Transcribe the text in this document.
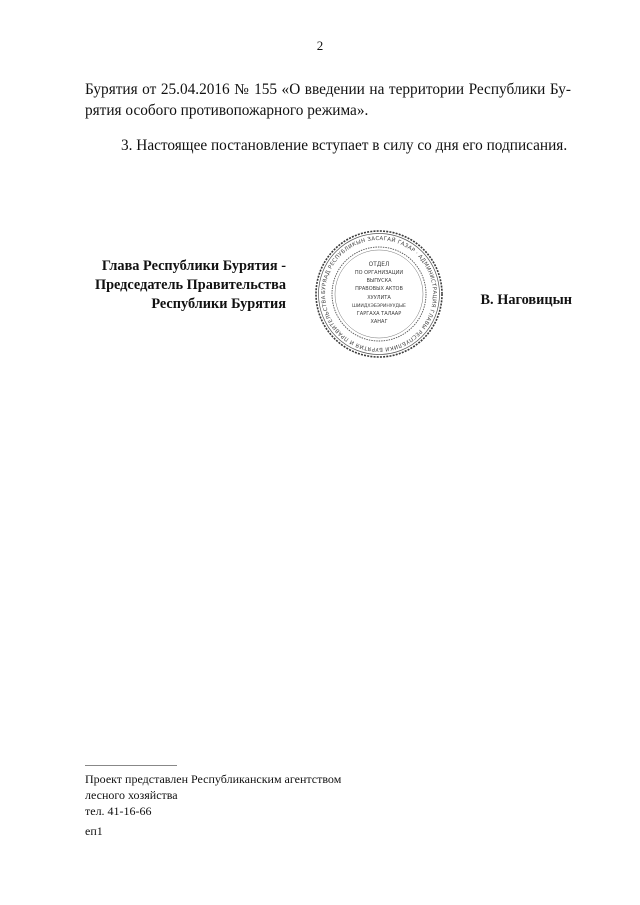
2
Бурятия от 25.04.2016 № 155 «О введении на территории Республики Бу-
рятия особого противопожарного режима».
3. Настоящее постановление вступает в силу со дня его подписания.
Глава Республики Бурятия -
Председатель Правительства
Республики Бурятия
БУРЯАД РЕСПУБЛИКЫН ЗАСАГАЙ ГАЗАР · АДМИНИСТРАЦИЯ ГЛАВЫ РЕСПУБЛИКИ БУРЯТИЯ И ПРАВИТЕЛЬСТВА
ОТДЕЛ
ПО ОРГАНИЗАЦИИ
ВЫПУСКА
ПРАВОВЫХ АКТОВ
ХУУЛИТА
ШИИДХЭБЭРИНУУДЫЕ
ГАРГАХА ТАЛААР
ХАНАГ
В. Наговицын
Проект представлен Республиканским агентством
лесного хозяйства
тел. 41-16-66
еп1
